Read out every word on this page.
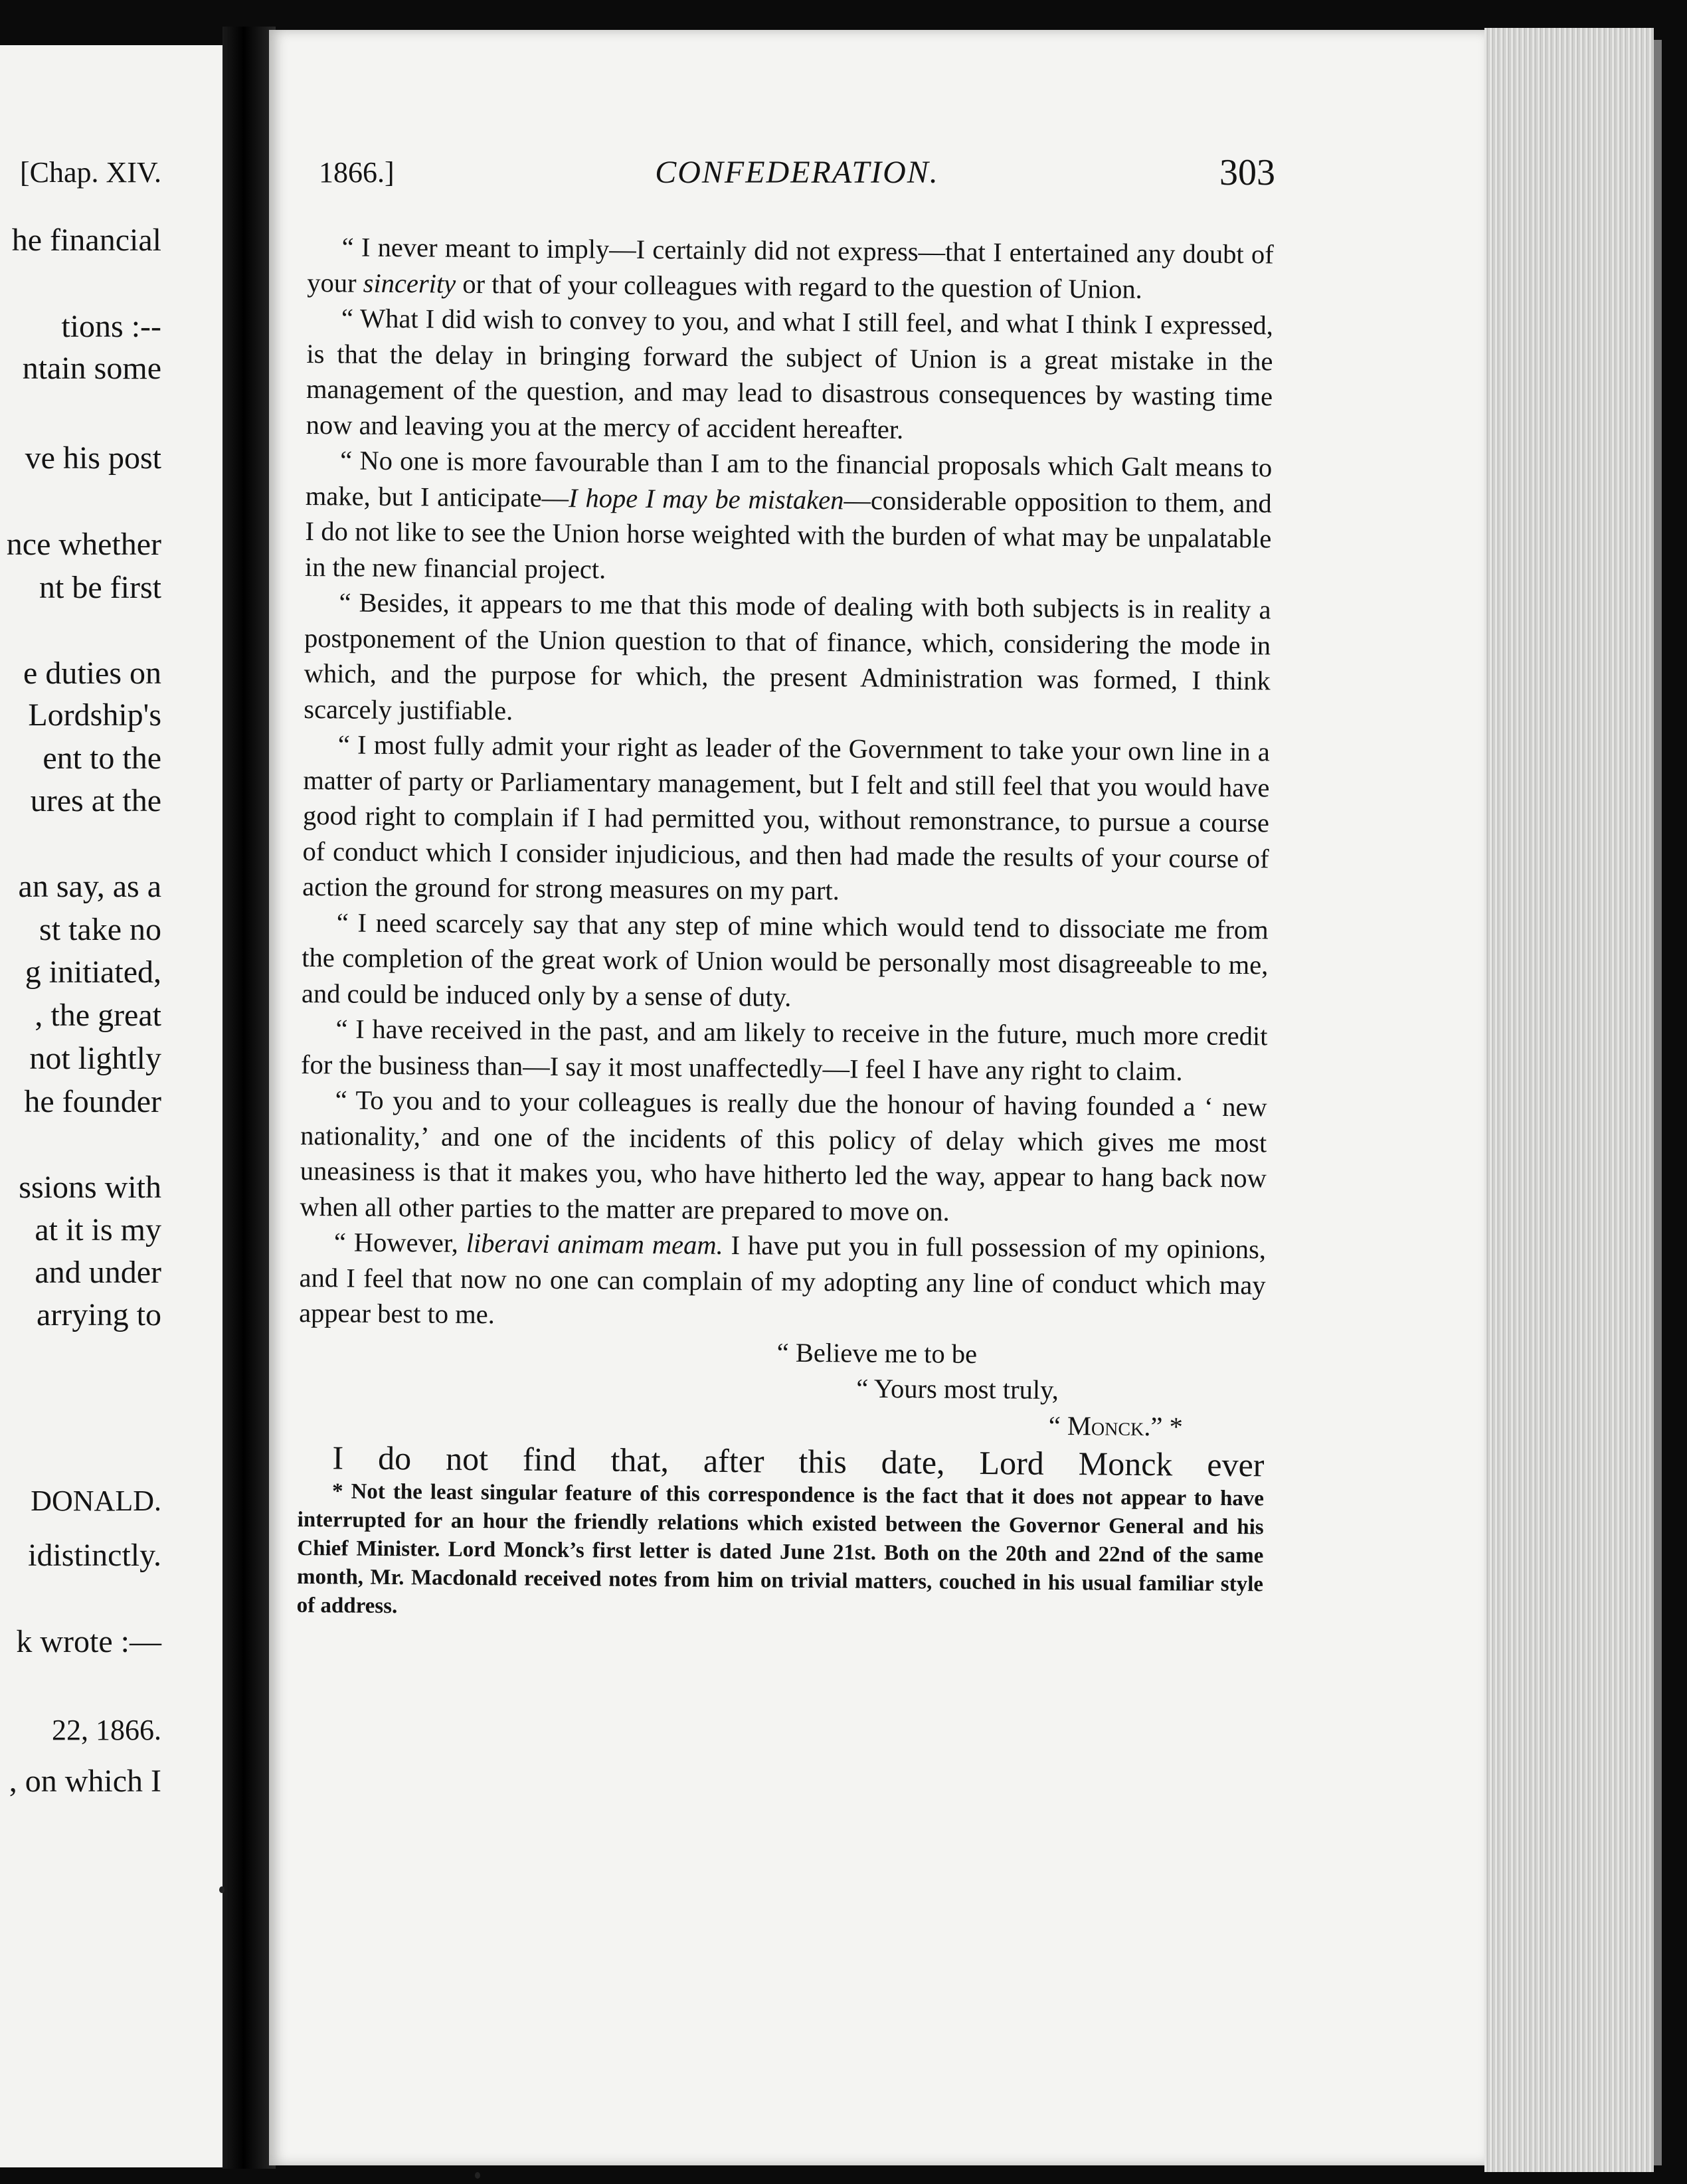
[Chap. XIV.
he financial
tions :--
ntain some
ve his post
nce whether
nt be first
e duties on
Lordship's
ent to the
ures at the
an say, as a
st take no
g initiated,
, the great
not lightly
he founder
ssions with
at it is my
and under
arrying to
DONALD.
idistinctly.
k wrote :—
22, 1866.
, on which I
1866.]	CONFEDERATION.	303

“ I never meant to imply—I certainly did not express—that I entertained any doubt of your sincerity or that of your colleagues with regard to the question of Union.

“ What I did wish to convey to you, and what I still feel, and what I think I expressed, is that the delay in bringing forward the subject of Union is a great mistake in the management of the question, and may lead to disastrous consequences by wasting time now and leaving you at the mercy of accident hereafter.

“ No one is more favourable than I am to the financial proposals which Galt means to make, but I anticipate—I hope I may be mistaken—considerable opposition to them, and I do not like to see the Union horse weighted with the burden of what may be unpalatable in the new financial project.

“ Besides, it appears to me that this mode of dealing with both subjects is in reality a postponement of the Union question to that of finance, which, considering the mode in which, and the purpose for which, the present Administration was formed, I think scarcely justifiable.

“ I most fully admit your right as leader of the Government to take your own line in a matter of party or Parliamentary management, but I felt and still feel that you would have good right to complain if I had permitted you, without remonstrance, to pursue a course of conduct which I consider injudicious, and then had made the results of your course of action the ground for strong measures on my part.

“ I need scarcely say that any step of mine which would tend to dissociate me from the completion of the great work of Union would be personally most disagreeable to me, and could be induced only by a sense of duty.

“ I have received in the past, and am likely to receive in the future, much more credit for the business than—I say it most unaffectedly—I feel I have any right to claim.

“ To you and to your colleagues is really due the honour of having founded a ‘ new nationality,’ and one of the incidents of this policy of delay which gives me most uneasiness is that it makes you, who have hitherto led the way, appear to hang back now when all other parties to the matter are prepared to move on.

“ However, liberavi animam meam. I have put you in full possession of my opinions, and I feel that now no one can complain of my adopting any line of conduct which may appear best to me.

“ Believe me to be
“ Yours most truly,
“ Monck.” *

I do not find that, after this date, Lord Monck ever

* Not the least singular feature of this correspondence is the fact that it does not appear to have interrupted for an hour the friendly relations which existed between the Governor General and his Chief Minister. Lord Monck’s first letter is dated June 21st. Both on the 20th and 22nd of the same month, Mr. Macdonald received notes from him on trivial matters, couched in his usual familiar style of address.
